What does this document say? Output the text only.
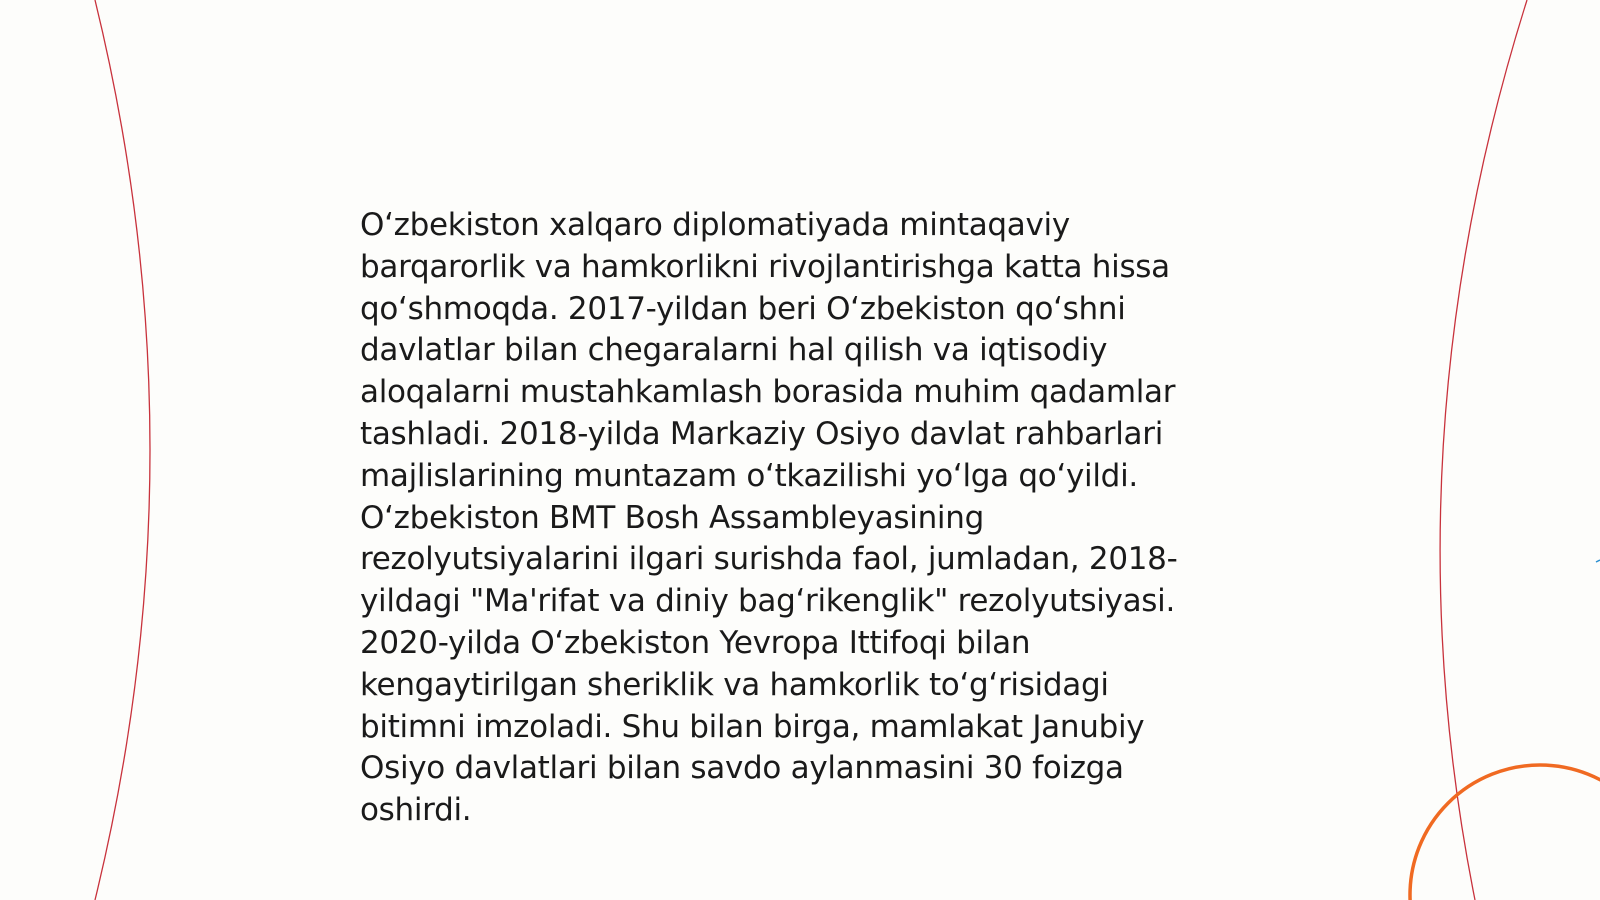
O‘zbekiston xalqaro diplomatiyada mintaqaviy
barqarorlik va hamkorlikni rivojlantirishga katta hissa
qo‘shmoqda. 2017-yildan beri O‘zbekiston qo‘shni
davlatlar bilan chegaralarni hal qilish va iqtisodiy
aloqalarni mustahkamlash borasida muhim qadamlar
tashladi. 2018-yilda Markaziy Osiyo davlat rahbarlari
majlislarining muntazam o‘tkazilishi yo‘lga qo‘yildi.
O‘zbekiston BMT Bosh Assambleyasining
rezolyutsiyalarini ilgari surishda faol, jumladan, 2018-
yildagi "Ma'rifat va diniy bag‘rikenglik" rezolyutsiyasi.
2020-yilda O‘zbekiston Yevropa Ittifoqi bilan
kengaytirilgan sheriklik va hamkorlik to‘g‘risidagi
bitimni imzoladi. Shu bilan birga, mamlakat Janubiy
Osiyo davlatlari bilan savdo aylanmasini 30 foizga
oshirdi.
